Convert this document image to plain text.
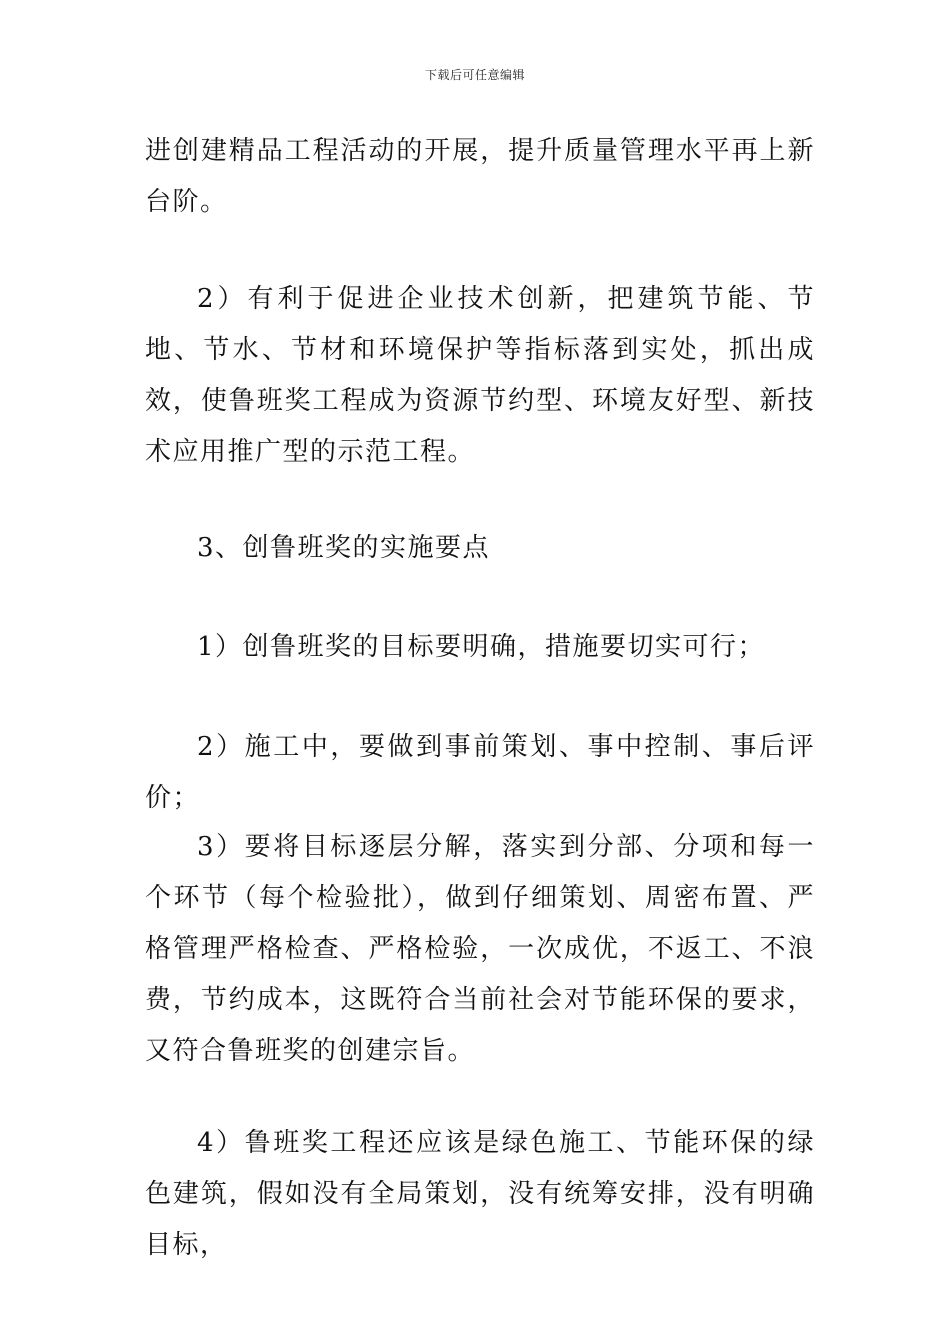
下载后可任意编辑

进创建精品工程活动的开展，提升质量管理水平再上新台阶。

2）有利于促进企业技术创新，把建筑节能、节地、节水、节材和环境保护等指标落到实处，抓出成效，使鲁班奖工程成为资源节约型、环境友好型、新技术应用推广型的示范工程。

3、创鲁班奖的实施要点

1）创鲁班奖的目标要明确，措施要切实可行；

2）施工中，要做到事前策划、事中控制、事后评价；

3）要将目标逐层分解，落实到分部、分项和每一个环节（每个检验批），做到仔细策划、周密布置、严格管理严格检查、严格检验，一次成优，不返工、不浪费，节约成本，这既符合当前社会对节能环保的要求，又符合鲁班奖的创建宗旨。

4）鲁班奖工程还应该是绿色施工、节能环保的绿色建筑，假如没有全局策划，没有统筹安排，没有明确目标，
